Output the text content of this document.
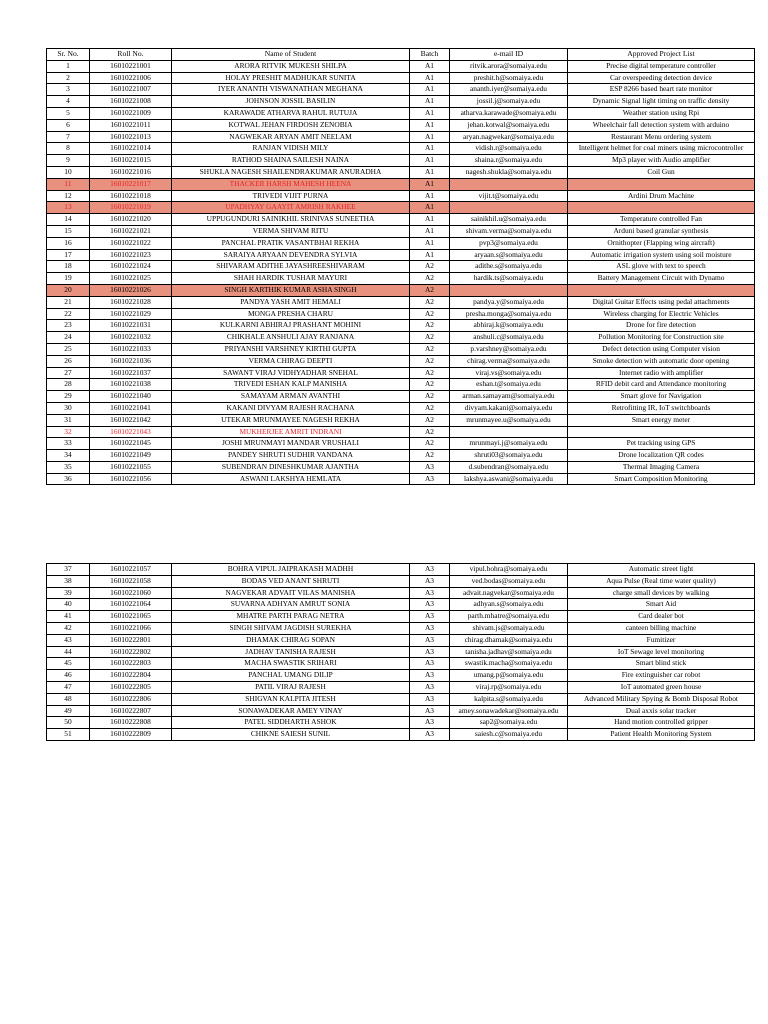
Sr. No.	Roll No.	Name of Student	Batch	e-mail ID	Approved Project List
1	16010221001	ARORA RITVIK MUKESH SHILPA	A1	ritvik.arora@somaiya.edu	Precise digital temperature controller
2	16010221006	HOLAY PRESHIT MADHUKAR SUNITA	A1	preshit.h@somaiya.edu	Car overspeeding detection device
3	16010221007	IYER ANANTH VISWANATHAN MEGHANA	A1	ananth.iyer@somaiya.edu	ESP 8266 based heart rate monitor
4	16010221008	JOHNSON JOSSIL BASILIN	A1	jossil.j@somaiya.edu	Dynamic Signal light timing on traffic density
5	16010221009	KARAWADE ATHARVA RAHUL RUTUJA	A1	atharva.karawade@somaiya.edu	Weather station using Rpi
6	16010221011	KOTWAL JEHAN FIRDOSH ZENOBIA	A1	jehan.kotwal@somaiya.edu	Wheelchair fall detection system with arduino
7	16010221013	NAGWEKAR ARYAN AMIT NEELAM	A1	aryan.nagwekar@somaiya.edu	Restaurant Menu ordering system
8	16010221014	RANJAN VIDISH MILY	A1	vidish.r@somaiya.edu	Intelligent helmet for coal miners using microcontroller
9	16010221015	RATHOD SHAINA SAILESH NAINA	A1	shaina.r@somaiya.edu	Mp3 player with Audio amplifier
10	16010221016	SHUKLA NAGESH SHAILENDRAKUMAR ANURADHA	A1	nagesh.shukla@somaiya.edu	Coil Gun
11	16010221017	THACKER HARSH MAHESH HEENA	A1		
12	16010221018	TRIVEDI VIJIT PURNA	A1	vijit.t@somaiya.edu	Ardini Drum Machine
13	16010221019	UPADHYAY GAAYIT AMRISH RAKHEE	A1		
14	16010221020	UPPUGUNDURI SAINIKHIL SRINIVAS SUNEETHA	A1	sainikhil.u@somaiya.edu	Temperature controlled Fan
15	16010221021	VERMA SHIVAM RITU	A1	shivam.verma@somaiya.edu	Arduni based granular synthesis
16	16010221022	PANCHAL PRATIK VASANTBHAI REKHA	A1	pvp3@somaiya.edu	Ornithopter (Flapping wing aircraft)
17	16010221023	SARAIYA ARYAAN DEVENDRA SYLVIA	A1	aryaan.s@somaiya.edu	Automatic irrigation system using soil moisture
18	16010221024	SHIVARAM ADITHE JAYASHREESHIVARAM	A2	adithe.s@somaiya.edu	ASL glove with text to speech
19	16010221025	SHAH HARDIK TUSHAR MAYURI	A2	hardik.ts@somaiya.edu	Battery Management Circuit with Dynamo
20	16010221026	SINGH KARTHIK KUMAR ASHA SINGH	A2		
21	16010221028	PANDYA YASH AMIT HEMALI	A2	pandya.y@somaiya.edu	Digital Guitar Effects using pedal attachments
22	16010221029	MONGA PRESHA CHARU	A2	presha.monga@somaiya.edu	Wireless charging for Electric Vehicles
23	16010221031	KULKARNI ABHIRAJ PRASHANT MOHINI	A2	abhiraj.k@somaiya.edu	Drone for fire detection
24	16010221032	CHIKHALE ANSHULI AJAY RANJANA	A2	anshuli.c@somaiya.edu	Pollution Monitoring for Construction site
25	16010221033	PRIYANSHI VARSHNEY KIRTHI GUPTA	A2	p.varshney@somaiya.edu	Defect detection using Computer vision
26	16010221036	VERMA CHIRAG DEEPTI	A2	chirag.verma@somaiya.edu	Smoke detection with automatic door opening
27	16010221037	SAWANT VIRAJ VIDHYADHAR SNEHAL	A2	viraj.vs@somaiya.edu	Internet radio with amplifier
28	16010221038	TRIVEDI ESHAN KALP MANISHA	A2	eshan.t@somaiya.edu	RFID debit card and Attendance monitoring
29	16010221040	SAMAYAM ARMAN AVANTHI	A2	arman.samayam@somaiya.edu	Smart glove for Navigation
30	16010221041	KAKANI DIVYAM RAJESH RACHANA	A2	divyam.kakani@somaiya.edu	Retrofitting IR, IoT switchboards
31	16010221042	UTEKAR MRUNMAYEE NAGESH REKHA	A2	mrunmayee.u@somaiya.edu	Smart energy meter
32	16010221043	MUKHERJEE AMRIT INDRANI	A2		
33	16010221045	JOSHI MRUNMAYI MANDAR VRUSHALI	A2	mrunmayi.j@somaiya.edu	Pet tracking using GPS
34	16010221049	PANDEY SHRUTI SUDHIR VANDANA	A2	shruti03@somaiya.edu	Drone localization QR codes
35	16010221055	SUBENDRAN DINESHKUMAR AJANTHA	A3	d.subendran@somaiya.edu	Thermal Imaging Camera
36	16010221056	ASWANI LAKSHYA HEMLATA	A3	lakshya.aswani@somaiya.edu	Smart Composition Monitoring
37	16010221057	BOHRA VIPUL JAIPRAKASH MADHH	A3	vipul.bohra@somaiya.edu	Automatic street light
38	16010221058	BODAS VED ANANT SHRUTI	A3	ved.bodas@somaiya.edu	Aqua Pulse (Real time water quality)
39	16010221060	NAGVEKAR ADVAIT VILAS MANISHA	A3	advait.nagvekar@somaiya.edu	charge small devices by walking
40	16010221064	SUVARNA ADHYAN AMRUT SONIA	A3	adhyan.s@somaiya.edu	Smart Aid
41	16010221065	MHATRE PARTH PARAG NETRA	A3	parth.mhatre@somaiya.edu	Card dealer bot
42	16010221066	SINGH SHIVAM JAGDISH SUREKHA	A3	shivam.js@somaiya.edu	canteen billing machine
43	16010222801	DHAMAK CHIRAG SOPAN	A3	chirag.dhamak@somaiya.edu	Fumitizer
44	16010222802	JADHAV TANISHA RAJESH	A3	tanisha.jadhav@somaiya.edu	IoT Sewage level monitoring
45	16010222803	MACHA SWASTIK SRIHARI	A3	swastik.macha@somaiya.edu	Smart blind stick
46	16010222804	PANCHAL UMANG DILIP	A3	umang.p@somaiya.edu	Fire extinguisher car robot
47	16010222805	PATIL VIRAJ RAJESH	A3	viraj.rp@somaiya.edu	IoT automated green house
48	16010222806	SHIGVAN KALPITA JITESH	A3	kalpita.s@somaiya.edu	Advanced Military Spying & Bomb Disposal Robot
49	16010222807	SONAWADEKAR AMEY VINAY	A3	amey.sonawadekar@somaiya.edu	Dual axxis solar tracker
50	16010222808	PATEL SIDDHARTH ASHOK	A3	sap2@somaiya.edu	Hand motion controlled gripper
51	16010222809	CHIKNE SAIESH SUNIL	A3	saiesh.c@somaiya.edu	Patient Health Monitoring System
